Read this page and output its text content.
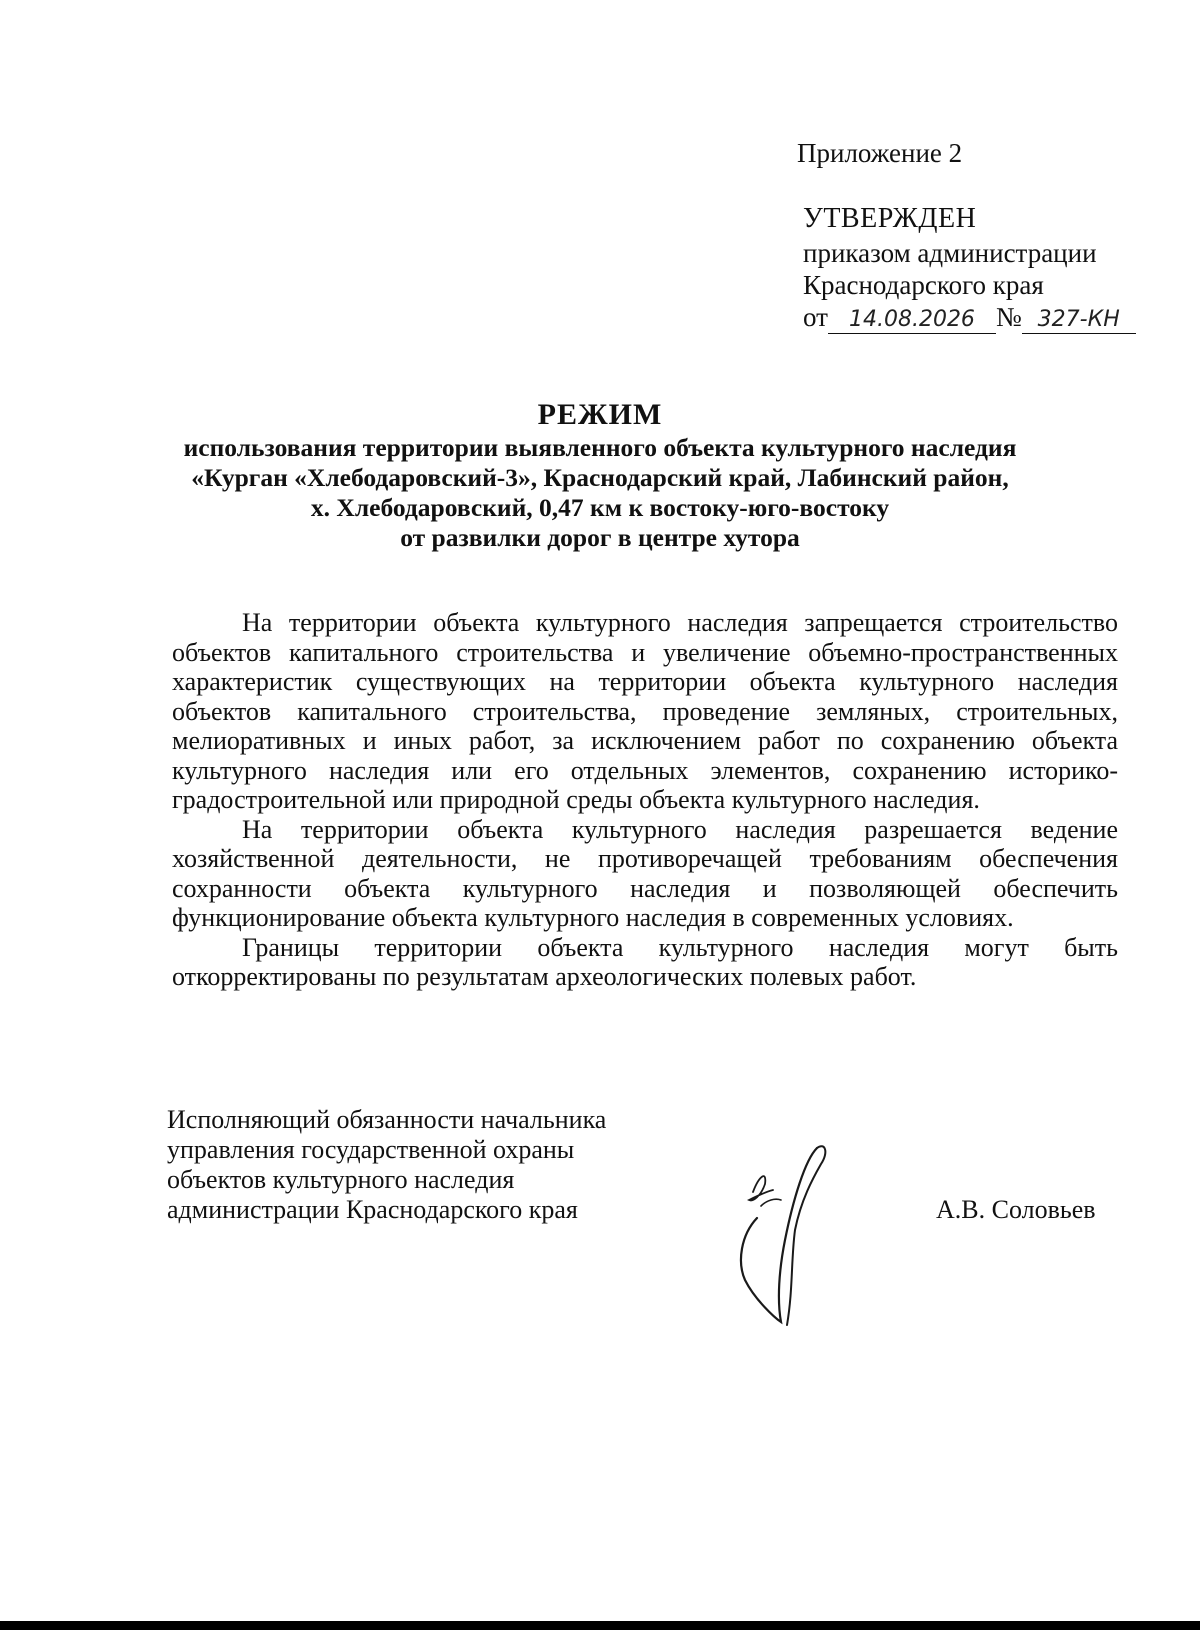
Приложение 2
УТВЕРЖДЕН
приказом администрации
Краснодарского края
от 14.08.2026 № 327-КН
РЕЖИМ
использования территории выявленного объекта культурного наследия
«Курган «Хлебодаровский-3», Краснодарский край, Лабинский район,
х. Хлебодаровский, 0,47 км к востоку-юго-востоку
от развилки дорог в центре хутора

На территории объекта культурного наследия запрещается строительство объектов капитального строительства и увеличение объемно-пространственных характеристик существующих на территории объекта культурного наследия объектов капитального строительства, проведение земляных, строительных, мелиоративных и иных работ, за исключением работ по сохранению объекта культурного наследия или его отдельных элементов, сохранению историко-градостроительной или природной среды объекта культурного наследия.

На территории объекта культурного наследия разрешается ведение хозяйственной деятельности, не противоречащей требованиям обеспечения сохранности объекта культурного наследия и позволяющей обеспечить функционирование объекта культурного наследия в современных условиях.

Границы территории объекта культурного наследия могут быть откорректированы по результатам археологических полевых работ.

Исполняющий обязанности начальника
управления государственной охраны
объектов культурного наследия
администрации Краснодарского края	А.В. Соловьев
